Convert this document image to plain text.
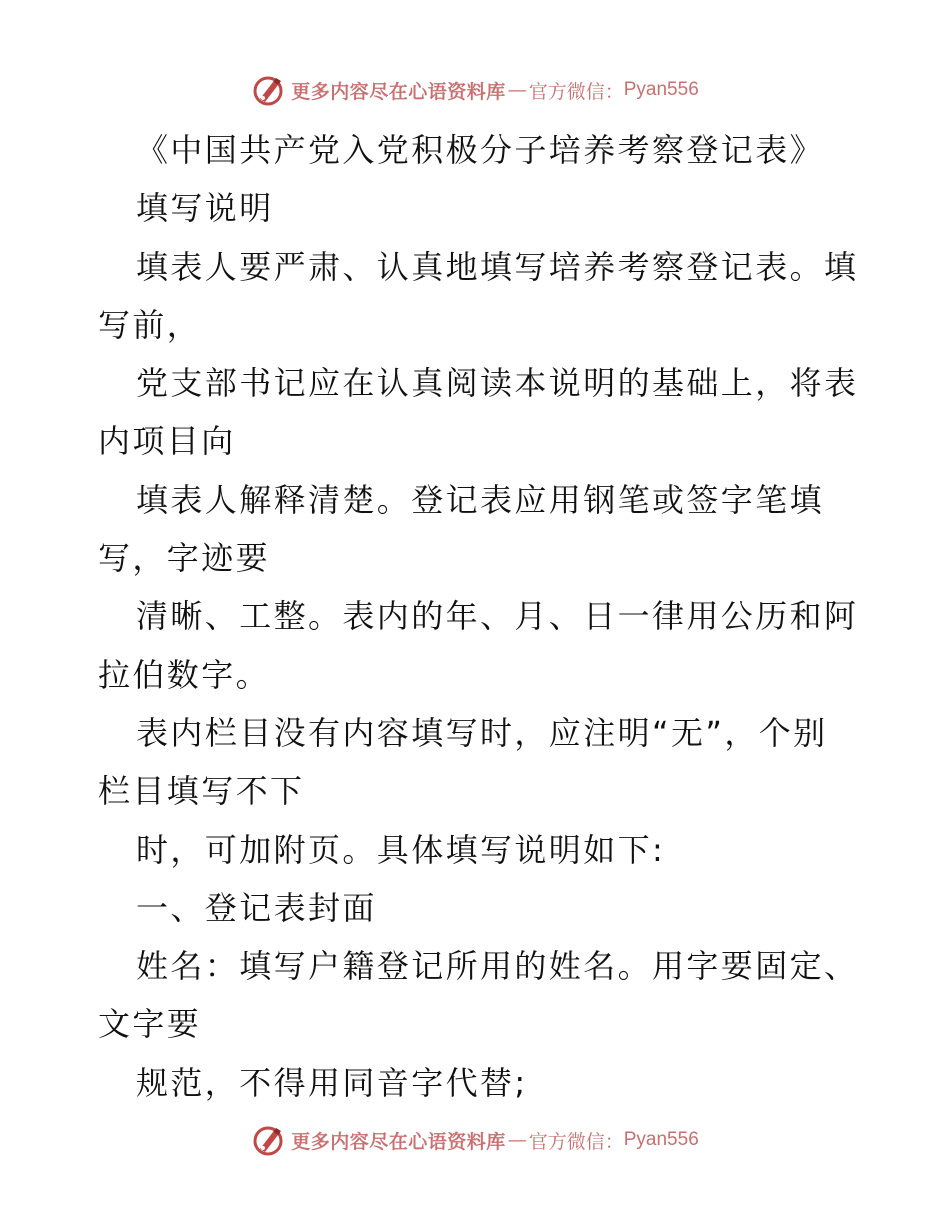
更多内容尽在心语资料库 — 官方微信： Pyan556

《中国共产党入党积极分子培养考察登记表》

填写说明

填表人要严肃、认真地填写培养考察登记表。填

写前，

党支部书记应在认真阅读本说明的基础上，将表

内项目向

填表人解释清楚。登记表应用钢笔或签字笔填

写，字迹要

清晰、工整。表内的年、月、日一律用公历和阿

拉伯数字。

表内栏目没有内容填写时，应注明“无”，个别

栏目填写不下

时，可加附页。具体填写说明如下:

一、登记表封面

姓名：填写户籍登记所用的姓名。用字要固定、

文字要

规范，不得用同音字代替;

更多内容尽在心语资料库 — 官方微信： Pyan556
